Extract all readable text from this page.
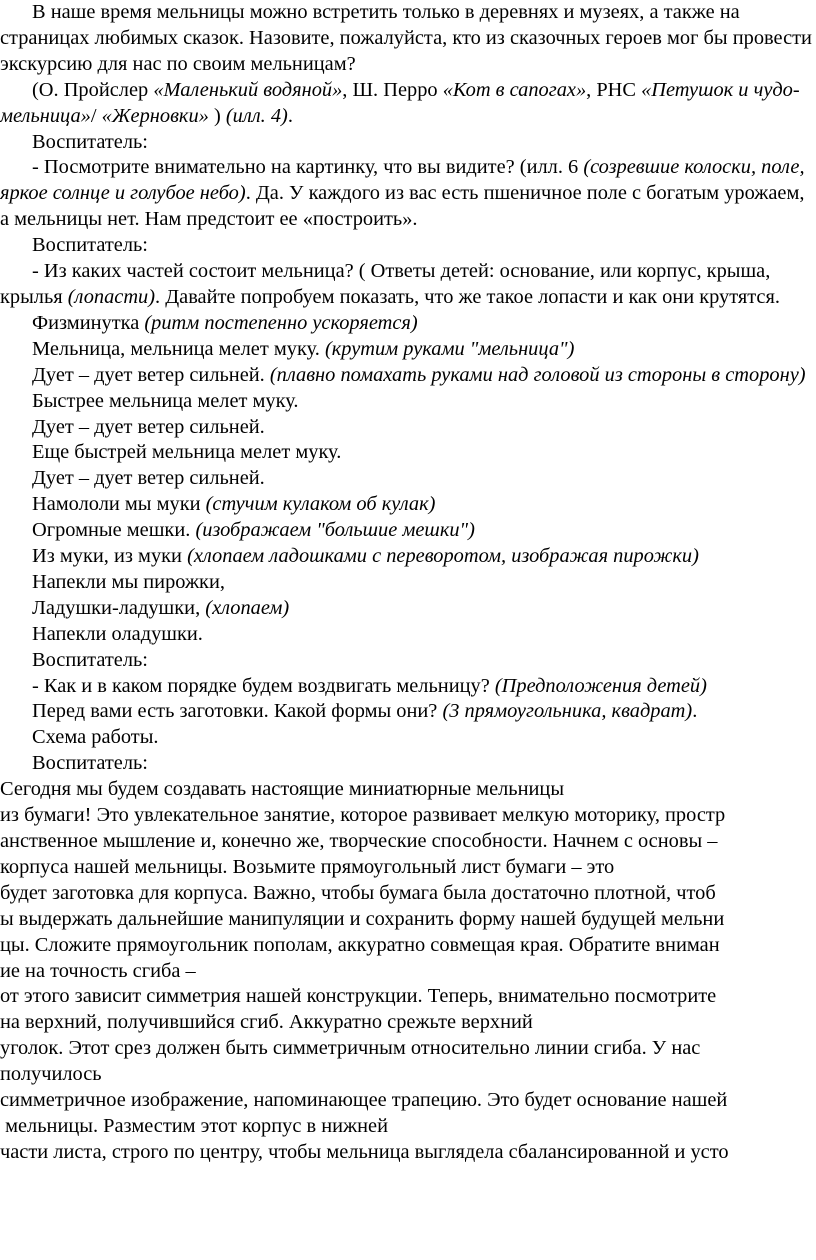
В наше время мельницы можно встретить только в деревнях и музеях, а также на страницах любимых сказок. Назовите, пожалуйста, кто из сказочных героев мог бы провести экскурсию для нас по своим мельницам?

(О. Пройслер «Маленький водяной», Ш. Перро «Кот в сапогах», РНС «Петушок и чудо-мельница»/ «Жерновки» ) (илл. 4).

Воспитатель:

- Посмотрите внимательно на картинку, что вы видите? (илл. 6 (созревшие колоски, поле, яркое солнце и голубое небо). Да. У каждого из вас есть пшеничное поле с богатым урожаем, а мельницы нет. Нам предстоит ее «построить».

Воспитатель:

- Из каких частей состоит мельница? ( Ответы детей: основание, или корпус, крыша, крылья (лопасти). Давайте попробуем показать, что же такое лопасти и как они крутятся.

Физминутка (ритм постепенно ускоряется)

Мельница, мельница мелет муку. (крутим руками "мельница")

Дует – дует ветер сильней. (плавно помахать руками над головой из стороны в сторону)

Быстрее мельница мелет муку.

Дует – дует ветер сильней.

Еще быстрей мельница мелет муку.

Дует – дует ветер сильней.

Намололи мы муки (стучим кулаком об кулак)

Огромные мешки. (изображаем "большие мешки")

Из муки, из муки (хлопаем ладошками с переворотом, изображая пирожки)

Напекли мы пирожки,

Ладушки-ладушки, (хлопаем)

Напекли оладушки.

Воспитатель:

- Как и в каком порядке будем воздвигать мельницу? (Предположения детей)

Перед вами есть заготовки. Какой формы они? (3 прямоугольника, квадрат).

Схема работы.

Воспитатель:

Сегодня мы будем создавать настоящие миниатюрные мельницы
из бумаги! Это увлекательное занятие, которое развивает мелкую моторику, простр
анственное мышление и, конечно же, творческие способности. Начнем с основы –
корпуса нашей мельницы. Возьмите прямоугольный лист бумаги – это
будет заготовка для корпуса. Важно, чтобы бумага была достаточно плотной, чтоб
ы выдержать дальнейшие манипуляции и сохранить форму нашей будущей мельни
цы. Сложите прямоугольник пополам, аккуратно совмещая края. Обратите вниман
ие на точность сгиба –
от этого зависит симметрия нашей конструкции. Теперь, внимательно посмотрите
на верхний, получившийся сгиб. Аккуратно срежьте верхний
уголок. Этот срез должен быть симметричным относительно линии сгиба. У нас
получилось
симметричное изображение, напоминающее трапецию. Это будет основание нашей
мельницы. Разместим этот корпус в нижней
части листа, строго по центру, чтобы мельница выглядела сбалансированной и усто
